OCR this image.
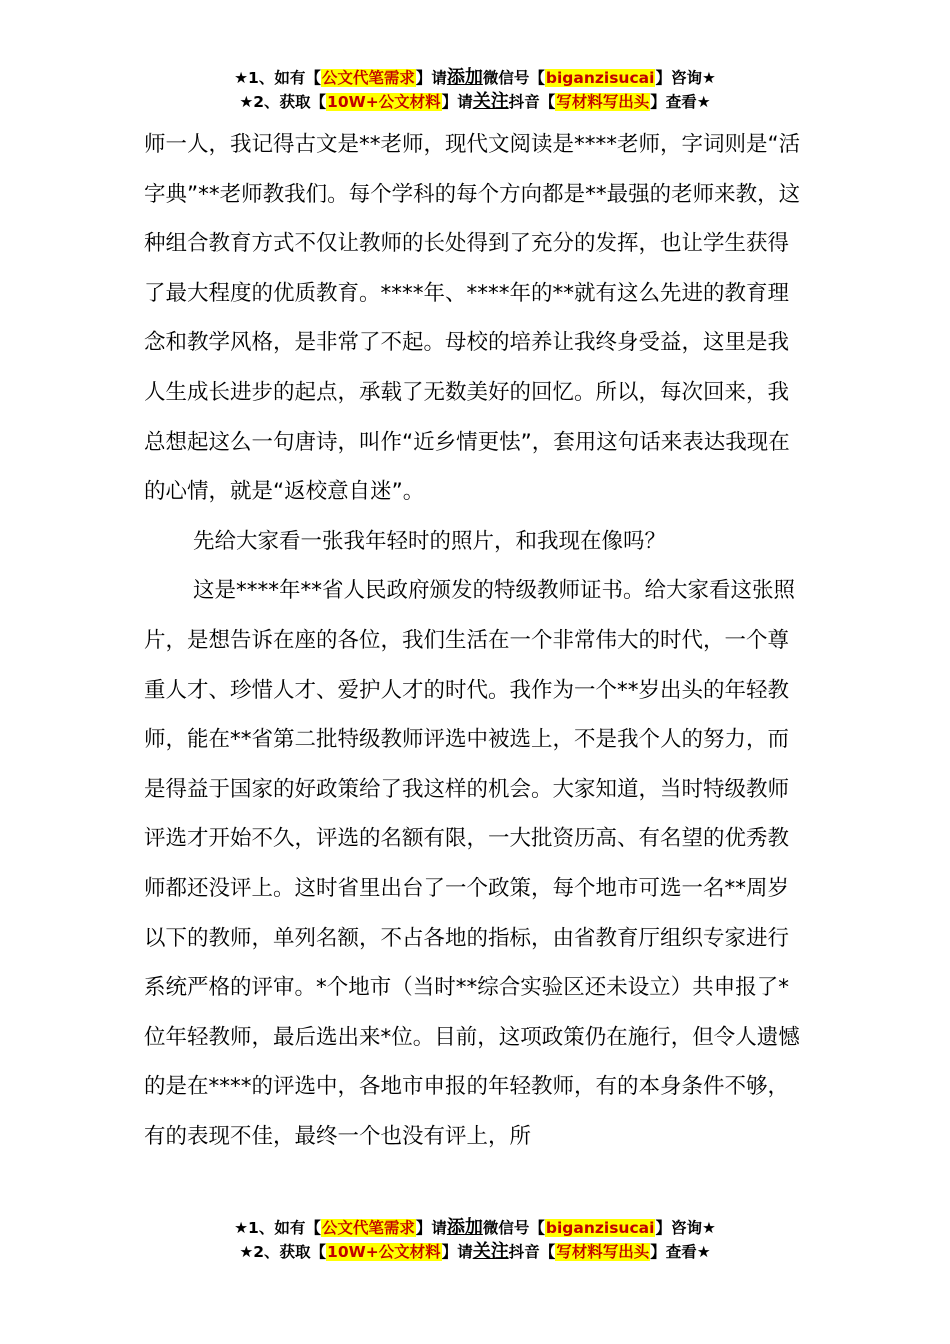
★1、如有【公文代笔需求】请添加微信号【biganzisucai】咨询★
★2、获取【10W+公文材料】请关注抖音【写材料写出头】查看★

师一人，我记得古文是**老师，现代文阅读是****老师，字词则是“活字典”**老师教我们。每个学科的每个方向都是**最强的老师来教，这种组合教育方式不仅让教师的长处得到了充分的发挥，也让学生获得了最大程度的优质教育。****年、****年的**就有这么先进的教育理念和教学风格，是非常了不起。母校的培养让我终身受益，这里是我人生成长进步的起点，承载了无数美好的回忆。所以，每次回来，我总想起这么一句唐诗，叫作“近乡情更怯”，套用这句话来表达我现在的心情，就是“返校意自迷”。

先给大家看一张我年轻时的照片，和我现在像吗？

这是****年**省人民政府颁发的特级教师证书。给大家看这张照片，是想告诉在座的各位，我们生活在一个非常伟大的时代，一个尊重人才、珍惜人才、爱护人才的时代。我作为一个**岁出头的年轻教师，能在**省第二批特级教师评选中被选上，不是我个人的努力，而是得益于国家的好政策给了我这样的机会。大家知道，当时特级教师评选才开始不久，评选的名额有限，一大批资历高、有名望的优秀教师都还没评上。这时省里出台了一个政策，每个地市可选一名**周岁以下的教师，单列名额，不占各地的指标，由省教育厅组织专家进行系统严格的评审。*个地市（当时**综合实验区还未设立）共申报了*位年轻教师，最后选出来*位。目前，这项政策仍在施行，但令人遗憾的是在****的评选中，各地市申报的年轻教师，有的本身条件不够，有的表现不佳，最终一个也没有评上，所

★1、如有【公文代笔需求】请添加微信号【biganzisucai】咨询★
★2、获取【10W+公文材料】请关注抖音【写材料写出头】查看★
